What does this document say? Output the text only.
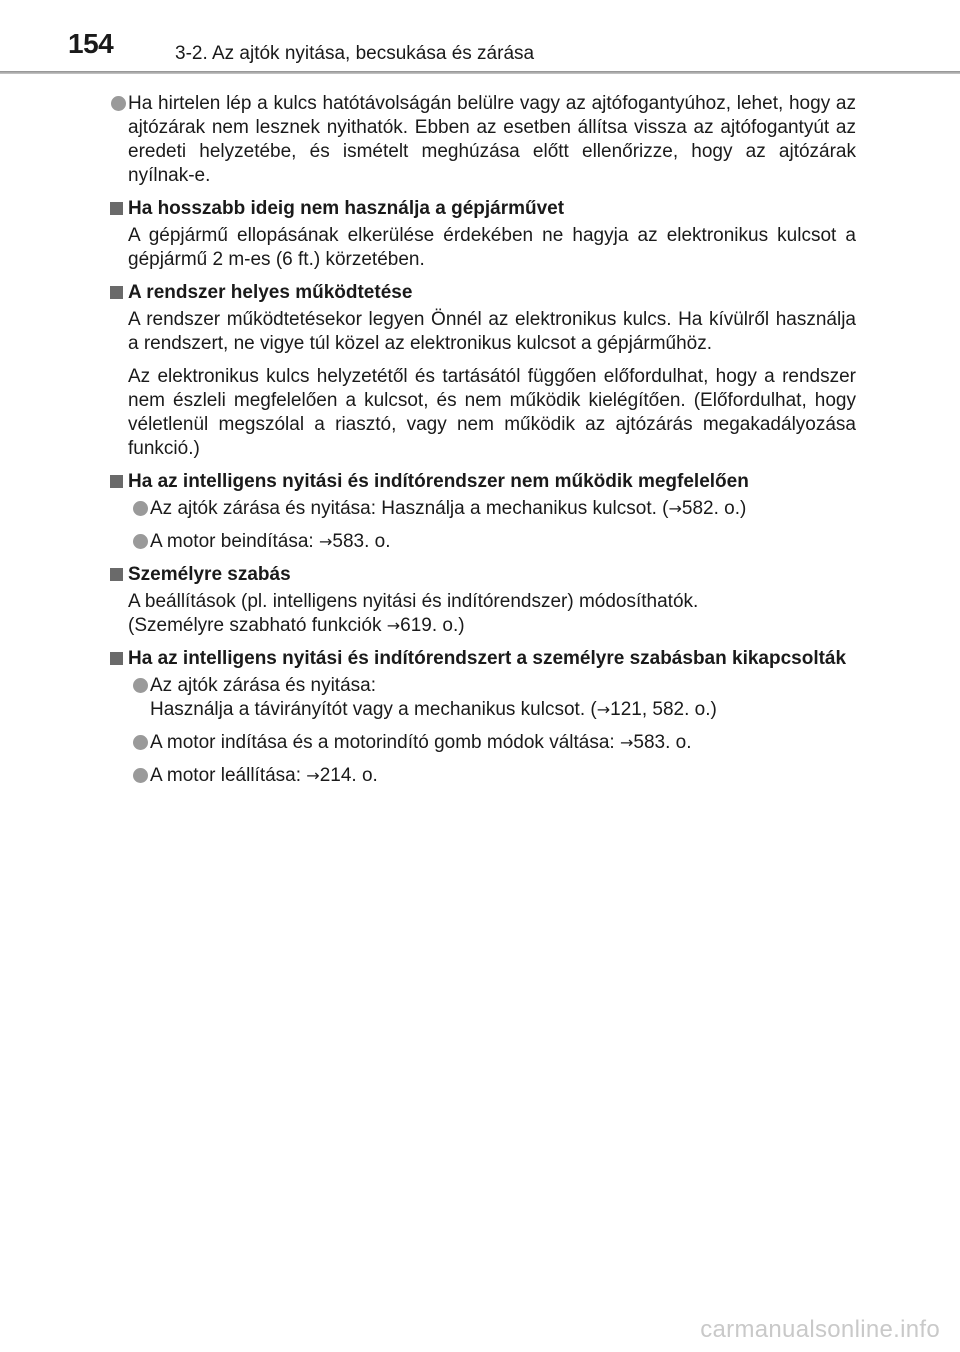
154	3-2. Az ajtók nyitása, becsukása és zárása

Ha hirtelen lép a kulcs hatótávolságán belülre vagy az ajtófogantyúhoz, lehet, hogy az ajtózárak nem lesznek nyithatók. Ebben az esetben állítsa vissza az ajtófogantyút az eredeti helyzetébe, és ismételt meghúzása előtt ellenőrizze, hogy az ajtózárak nyílnak-e.

Ha hosszabb ideig nem használja a gépjárművet

A gépjármű ellopásának elkerülése érdekében ne hagyja az elektronikus kulcsot a gépjármű 2 m-es (6 ft.) körzetében.

A rendszer helyes működtetése

A rendszer működtetésekor legyen Önnél az elektronikus kulcs. Ha kívülről használja a rendszert, ne vigye túl közel az elektronikus kulcsot a gépjárműhöz.

Az elektronikus kulcs helyzetétől és tartásától függően előfordulhat, hogy a rendszer nem észleli megfelelően a kulcsot, és nem működik kielégítően. (Előfordulhat, hogy véletlenül megszólal a riasztó, vagy nem működik az ajtózárás megakadályozása funkció.)

Ha az intelligens nyitási és indítórendszer nem működik megfelelően

Az ajtók zárása és nyitása: Használja a mechanikus kulcsot. (→582. o.)

A motor beindítása: →583. o.

Személyre szabás

A beállítások (pl. intelligens nyitási és indítórendszer) módosíthatók.

(Személyre szabható funkciók →619. o.)

Ha az intelligens nyitási és indítórendszert a személyre szabásban kikapcsolták

Az ajtók zárása és nyitása:

Használja a távirányítót vagy a mechanikus kulcsot. (→121, 582. o.)

A motor indítása és a motorindító gomb módok váltása: →583. o.

A motor leállítása: →214. o.

carmanualsonline.info
